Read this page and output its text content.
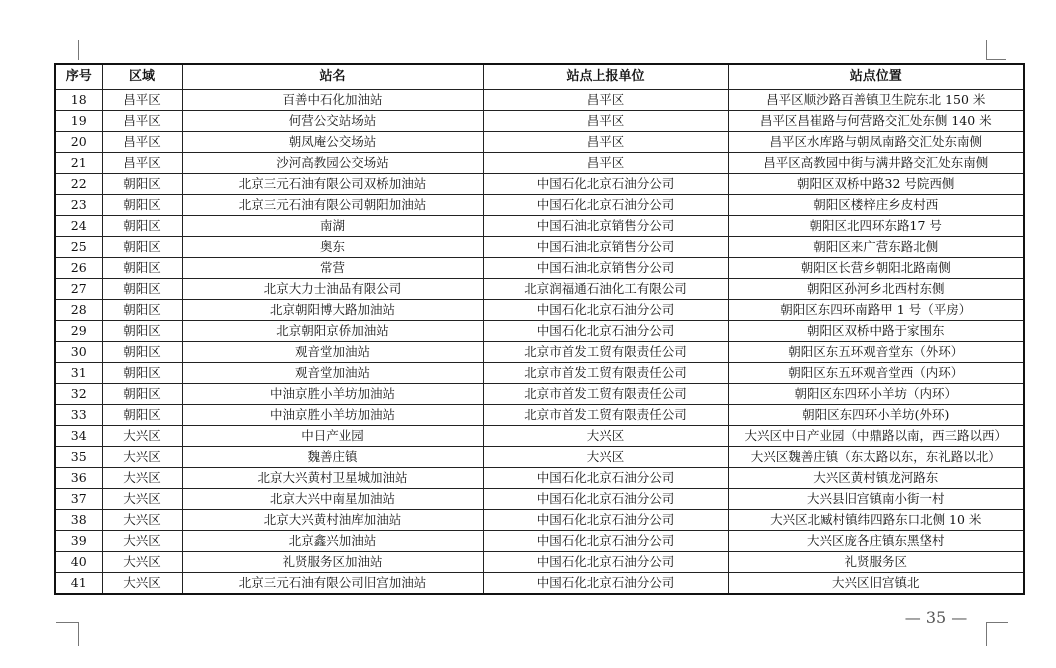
序号	区域	站名	站点上报单位	站点位置
18	昌平区	百善中石化加油站	昌平区	昌平区顺沙路百善镇卫生院东北 150 米
19	昌平区	何营公交站场站	昌平区	昌平区昌崔路与何营路交汇处东侧 140 米
20	昌平区	朝凤庵公交场站	昌平区	昌平区水库路与朝凤南路交汇处东南侧
21	昌平区	沙河高教园公交场站	昌平区	昌平区高教园中街与满井路交汇处东南侧
22	朝阳区	北京三元石油有限公司双桥加油站	中国石化北京石油分公司	朝阳区双桥中路32 号院西侧
23	朝阳区	北京三元石油有限公司朝阳加油站	中国石化北京石油分公司	朝阳区楼梓庄乡皮村西
24	朝阳区	南湖	中国石油北京销售分公司	朝阳区北四环东路17 号
25	朝阳区	奥东	中国石油北京销售分公司	朝阳区来广营东路北侧
26	朝阳区	常营	中国石油北京销售分公司	朝阳区长营乡朝阳北路南侧
27	朝阳区	北京大力士油品有限公司	北京润福通石油化工有限公司	朝阳区孙河乡北西村东侧
28	朝阳区	北京朝阳博大路加油站	中国石化北京石油分公司	朝阳区东四环南路甲 1 号（平房）
29	朝阳区	北京朝阳京侨加油站	中国石化北京石油分公司	朝阳区双桥中路于家围东
30	朝阳区	观音堂加油站	北京市首发工贸有限责任公司	朝阳区东五环观音堂东（外环）
31	朝阳区	观音堂加油站	北京市首发工贸有限责任公司	朝阳区东五环观音堂西（内环）
32	朝阳区	中油京胜小羊坊加油站	北京市首发工贸有限责任公司	朝阳区东四环小羊坊（内环）
33	朝阳区	中油京胜小羊坊加油站	北京市首发工贸有限责任公司	朝阳区东四环小羊坊(外环)
34	大兴区	中日产业园	大兴区	大兴区中日产业园（中鼎路以南，西三路以西）
35	大兴区	魏善庄镇	大兴区	大兴区魏善庄镇（东太路以东，东礼路以北）
36	大兴区	北京大兴黄村卫星城加油站	中国石化北京石油分公司	大兴区黄村镇龙河路东
37	大兴区	北京大兴中南星加油站	中国石化北京石油分公司	大兴县旧宫镇南小街一村
38	大兴区	北京大兴黄村油库加油站	中国石化北京石油分公司	大兴区北臧村镇纬四路东口北侧 10 米
39	大兴区	北京鑫兴加油站	中国石化北京石油分公司	大兴区庞各庄镇东黑垡村
40	大兴区	礼贤服务区加油站	中国石化北京石油分公司	礼贤服务区
41	大兴区	北京三元石油有限公司旧宫加油站	中国石化北京石油分公司	大兴区旧宫镇北
— 35 —
